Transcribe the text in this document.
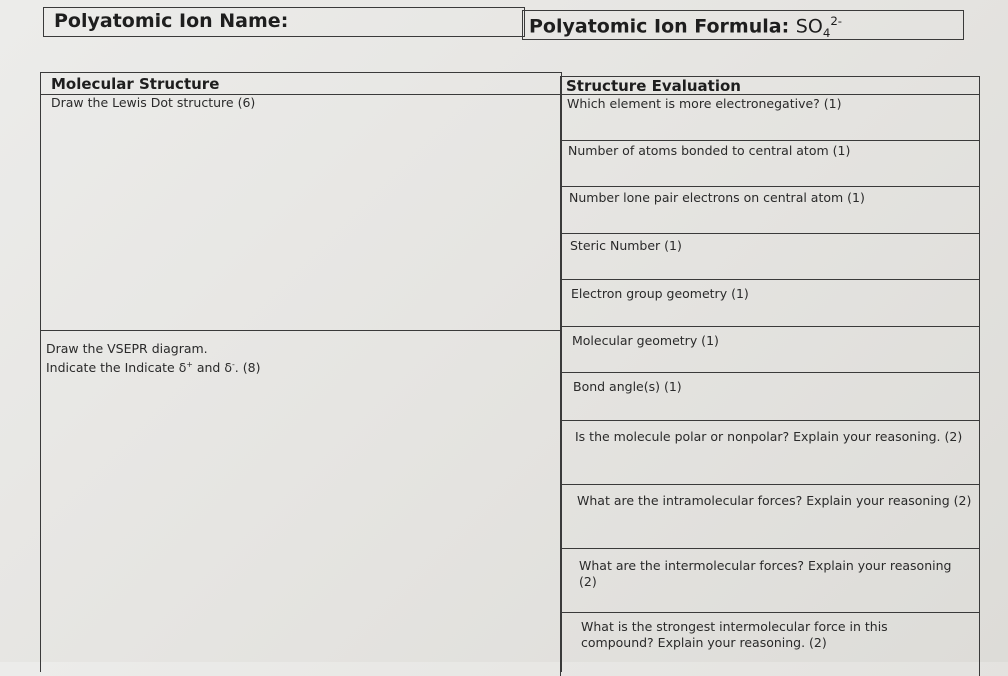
Polyatomic Ion Name:	Polyatomic Ion Formula: $SO_4^{2-}$
Molecular Structure
Draw the Lewis Dot structure (6)
Draw the VSEPR diagram.
Indicate the Indicate δ+ and δ-. (8)
Structure Evaluation
Which element is more electronegative? (1)
Number of atoms bonded to central atom (1)
Number lone pair electrons on central atom (1)
Steric Number (1)
Electron group geometry (1)
Molecular geometry (1)
Bond angle(s) (1)
Is the molecule polar or nonpolar? Explain your reasoning. (2)
What are the intramolecular forces? Explain your reasoning (2)
What are the intermolecular forces? Explain your reasoning (2)
What is the strongest intermolecular force in this compound? Explain your reasoning. (2)
